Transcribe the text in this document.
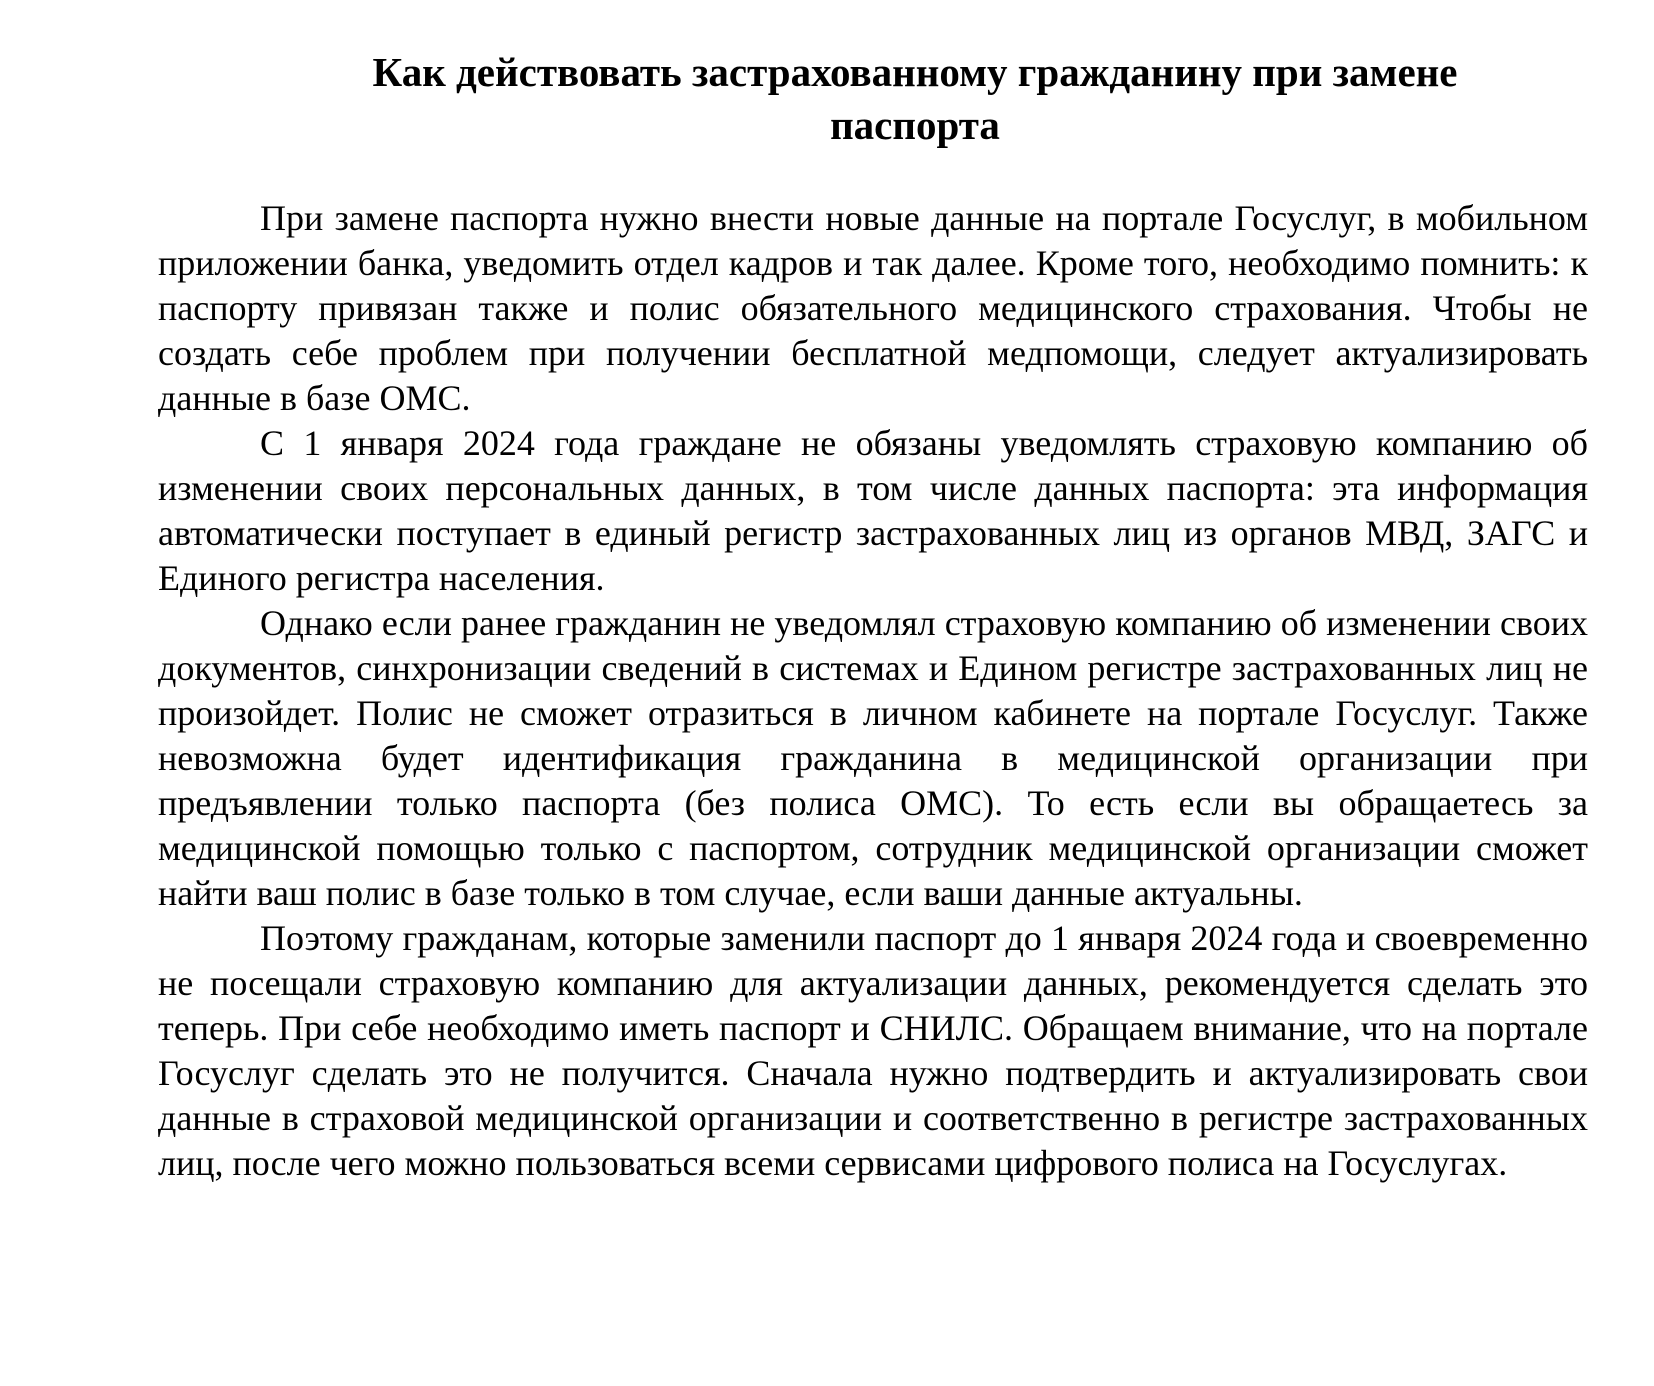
Как действовать застрахованному гражданину при замене паспорта

При замене паспорта нужно внести новые данные на портале Госуслуг, в мобильном приложении банка, уведомить отдел кадров и так далее. Кроме того, необходимо помнить: к паспорту привязан также и полис обязательного медицинского страхования. Чтобы не создать себе проблем при получении бесплатной медпомощи, следует актуализировать данные в базе ОМС.

С 1 января 2024 года граждане не обязаны уведомлять страховую компанию об изменении своих персональных данных, в том числе данных паспорта: эта информация автоматически поступает в единый регистр застрахованных лиц из органов МВД, ЗАГС и Единого регистра населения.

Однако если ранее гражданин не уведомлял страховую компанию об изменении своих документов, синхронизации сведений в системах и Едином регистре застрахованных лиц не произойдет. Полис не сможет отразиться в личном кабинете на портале Госуслуг. Также невозможна будет идентификация гражданина в медицинской организации при предъявлении только паспорта (без полиса ОМС). То есть если вы обращаетесь за медицинской помощью только с паспортом, сотрудник медицинской организации сможет найти ваш полис в базе только в том случае, если ваши данные актуальны.

Поэтому гражданам, которые заменили паспорт до 1 января 2024 года и своевременно не посещали страховую компанию для актуализации данных, рекомендуется сделать это теперь. При себе необходимо иметь паспорт и СНИЛС. Обращаем внимание, что на портале Госуслуг сделать это не получится. Сначала нужно подтвердить и актуализировать свои данные в страховой медицинской организации и соответственно в регистре застрахованных лиц, после чего можно пользоваться всеми сервисами цифрового полиса на Госуслугах.
